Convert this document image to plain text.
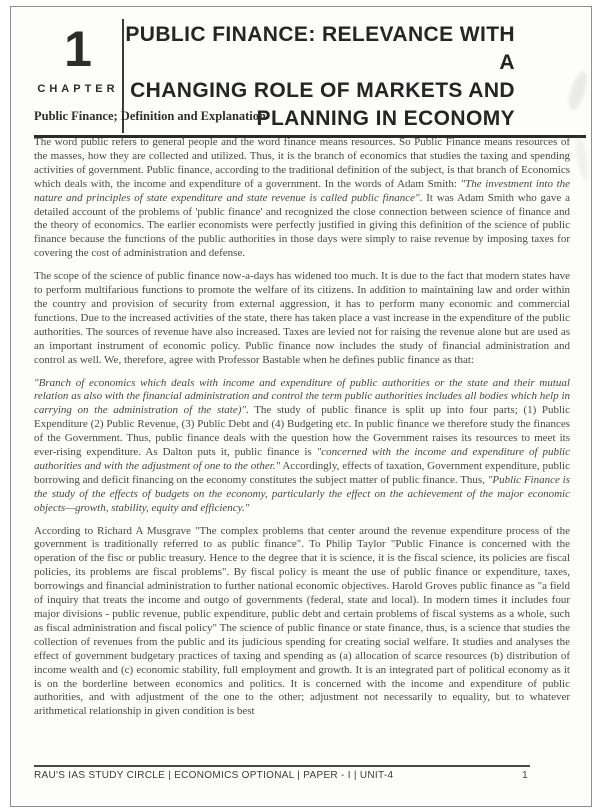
1
CHAPTER
PUBLIC FINANCE: RELEVANCE WITH A
CHANGING ROLE OF MARKETS AND
PLANNING IN ECONOMY
Public Finance; Definition and Explanation

The word public refers to general people and the word finance means resources. So Public Finance means resources of the masses, how they are collected and utilized. Thus, it is the branch of economics that studies the taxing and spending activities of government. Public finance, according to the traditional definition of the subject, is that branch of Economics which deals with, the income and expenditure of a government. In the words of Adam Smith: "The investment into the nature and principles of state expenditure and state revenue is called public finance". It was Adam Smith who gave a detailed account of the problems of 'public finance' and recognized the close connection between science of finance and the theory of economics. The earlier economists were perfectly justified in giving this definition of the science of public finance because the functions of the public authorities in those days were simply to raise revenue by imposing taxes for covering the cost of administration and defense.

The scope of the science of public finance now-a-days has widened too much. It is due to the fact that modern states have to perform multifarious functions to promote the welfare of its citizens. In addition to maintaining law and order within the country and provision of security from external aggression, it has to perform many economic and commercial functions. Due to the increased activities of the state, there has taken place a vast increase in the expenditure of the public authorities. The sources of revenue have also increased. Taxes are levied not for raising the revenue alone but are used as an important instrument of economic policy. Public finance now includes the study of financial administration and control as well. We, therefore, agree with Professor Bastable when he defines public finance as that:

"Branch of economics which deals with income and expenditure of public authorities or the state and their mutual relation as also with the financial administration and control the term public authorities includes all bodies which help in carrying on the administration of the state)". The study of public finance is split up into four parts; (1) Public Expenditure (2) Public Revenue, (3) Public Debt and (4) Budgeting etc. In public finance we therefore study the finances of the Government. Thus, public finance deals with the question how the Government raises its resources to meet its ever-rising expenditure. As Dalton puts it, public finance is "concerned with the income and expenditure of public authorities and with the adjustment of one to the other." Accordingly, effects of taxation, Government expenditure, public borrowing and deficit financing on the economy constitutes the subject matter of public finance. Thus, "Public Finance is the study of the effects of budgets on the economy, particularly the effect on the achievement of the major economic objects—growth, stability, equity and efficiency."

According to Richard A Musgrave "The complex problems that center around the revenue expenditure process of the government is traditionally referred to as public finance". To Philip Taylor "Public Finance is concerned with the operation of the fisc or public treasury. Hence to the degree that it is science, it is the fiscal science, its policies are fiscal policies, its problems are fiscal problems". By fiscal policy is meant the use of public finance or expenditure, taxes, borrowings and financial administration to further national economic objectives. Harold Groves public finance as "a field of inquiry that treats the income and outgo of governments (federal, state and local). In modern times it includes four major divisions - public revenue, public expenditure, public debt and certain problems of fiscal systems as a whole, such as fiscal administration and fiscal policy" The science of public finance or state finance, thus, is a science that studies the collection of revenues from the public and its judicious spending for creating social welfare. It studies and analyses the effect of government budgetary practices of taxing and spending as (a) allocation of scarce resources (b) distribution of income wealth and (c) economic stability, full employment and growth. It is an integrated part of political economy as it is on the borderline between economics and politics. It is concerned with the income and expenditure of public authorities, and with adjustment of the one to the other; adjustment not necessarily to equality, but to whatever arithmetical relationship in given condition is best

RAU'S IAS STUDY CIRCLE | ECONOMICS OPTIONAL | PAPER - I | UNIT-4	1
